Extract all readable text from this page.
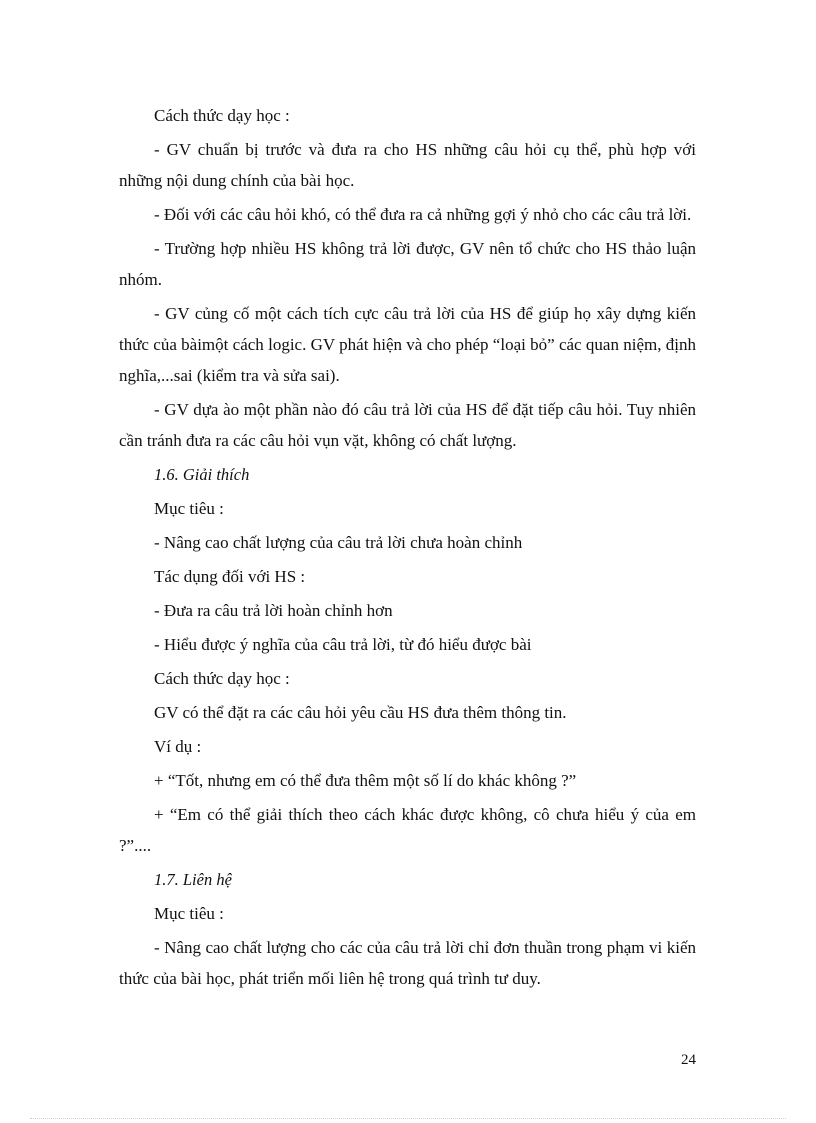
Cách thức dạy học :

- GV chuẩn bị trước và đưa ra cho HS những câu hỏi cụ thể, phù hợp với những nội dung chính của bài học.

- Đối với các câu hỏi khó, có thể đưa ra cả những gợi ý nhỏ cho các câu trả lời.

- Trường hợp nhiều HS không trả lời được, GV nên tổ chức cho HS thảo luận nhóm.

- GV củng cố một cách tích cực câu trả lời của HS để giúp họ xây dựng kiến thức của bàimột cách logic. GV phát hiện và cho phép “loại bỏ” các quan niệm, định nghĩa,...sai (kiểm tra và sửa sai).

- GV dựa ào một phần nào đó câu trả lời của HS để đặt tiếp câu hỏi. Tuy nhiên cần tránh đưa ra các câu hỏi vụn vặt, không có chất lượng.

1.6. Giải thích

Mục tiêu :

- Nâng cao chất lượng của câu trả lời chưa hoàn chỉnh

Tác dụng đối với HS :

- Đưa ra câu trả lời hoàn chỉnh hơn

- Hiểu được ý nghĩa của câu trả lời, từ đó hiểu được bài

Cách thức dạy học :

GV có thể đặt ra các câu hỏi yêu cầu HS đưa thêm thông tin.

Ví dụ :

+ “Tốt, nhưng em có thể đưa thêm một số lí do khác không ?”

+ “Em có thể giải thích theo cách khác được không, cô chưa hiểu ý của em ?”....

1.7. Liên hệ

Mục tiêu :

- Nâng cao chất lượng cho các của câu trả lời chỉ đơn thuần trong phạm vi kiến thức của bài học, phát triển mối liên hệ trong quá trình tư duy.

24
